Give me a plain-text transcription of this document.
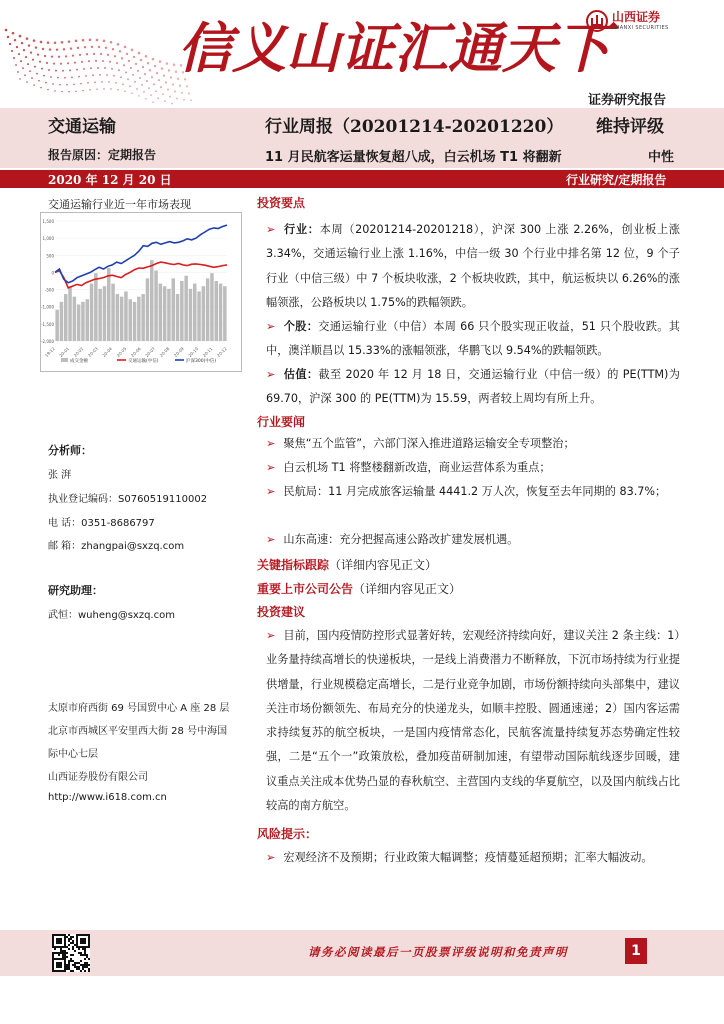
信义山证汇通天下 山西证券
SHANXI SECURITIES
证券研究报告
交通运输	行业周报（20201214-20201220） 维持评级
报告原因：定期报告	11 月民航客运量恢复超八成，白云机场 T1 将翻新	中性
2020 年 12 月 20 日	行业研究/定期报告
交通运输行业近一年市场表现
1,500
1,000
500
0
-500
-1,000
-1,500
-2,000
19-12 20-01 20-02 20-03 20-04 20-05 20-06 20-07 20-08 20-09 20-10 20-11 20-12
成交金额	交通运输(中信)	沪深300(中信)
分析师：
张 湃
执业登记编码：S0760519110002
电 话：0351-8686797
邮 箱：zhangpai@sxzq.com
研究助理：
武恒：wuheng@sxzq.com
太原市府西街 69 号国贸中心 A 座 28 层
北京市西城区平安里西大街 28 号中海国
际中心七层
山西证券股份有限公司
http://www.i618.com.cn
投资要点
➢ 行业：本周（20201214-20201218），沪深 300 上涨 2.26%，创业板上涨 3.34%，交通运输行业上涨 1.16%，中信一级 30 个行业中排名第 12 位，9 个子行业（中信三级）中 7 个板块收涨，2 个板块收跌，其中，航运板块以 6.26%的涨幅领涨，公路板块以 1.75%的跌幅领跌。
➢ 个股：交通运输行业（中信）本周 66 只个股实现正收益，51 只个股收跌。其中，澳洋顺昌以 15.33%的涨幅领涨，华鹏飞以 9.54%的跌幅领跌。
➢ 估值：截至 2020 年 12 月 18 日，交通运输行业（中信一级）的 PE(TTM)为 69.70，沪深 300 的 PE(TTM)为 15.59，两者较上周均有所上升。
行业要闻
➢ 聚焦“五个监管”，六部门深入推进道路运输安全专项整治；
➢ 白云机场 T1 将整楼翻新改造，商业运营体系为重点；
➢ 民航局：11 月完成旅客运输量 4441.2 万人次，恢复至去年同期的 83.7%；
➢ 山东高速：充分把握高速公路改扩建发展机遇。
关键指标跟踪（详细内容见正文）
重要上市公司公告（详细内容见正文）
投资建议
➢ 目前，国内疫情防控形式显著好转，宏观经济持续向好，建议关注 2 条主线：1）业务量持续高增长的快递板块，一是线上消费潜力不断释放，下沉市场持续为行业提供增量，行业规模稳定高增长，二是行业竞争加剧，市场份额持续向头部集中，建议关注市场份额领先、布局充分的快递龙头，如顺丰控股、圆通速递；2）国内客运需求持续复苏的航空板块，一是国内疫情常态化，民航客流量持续复苏态势确定性较强，二是“五个一”政策放松，叠加疫苗研制加速，有望带动国际航线逐步回暖，建议重点关注成本优势凸显的春秋航空、主营国内支线的华夏航空，以及国内航线占比较高的南方航空。
风险提示：
➢ 宏观经济不及预期；行业政策大幅调整；疫情蔓延超预期；汇率大幅波动。
请务必阅读最后一页股票评级说明和免责声明	1
